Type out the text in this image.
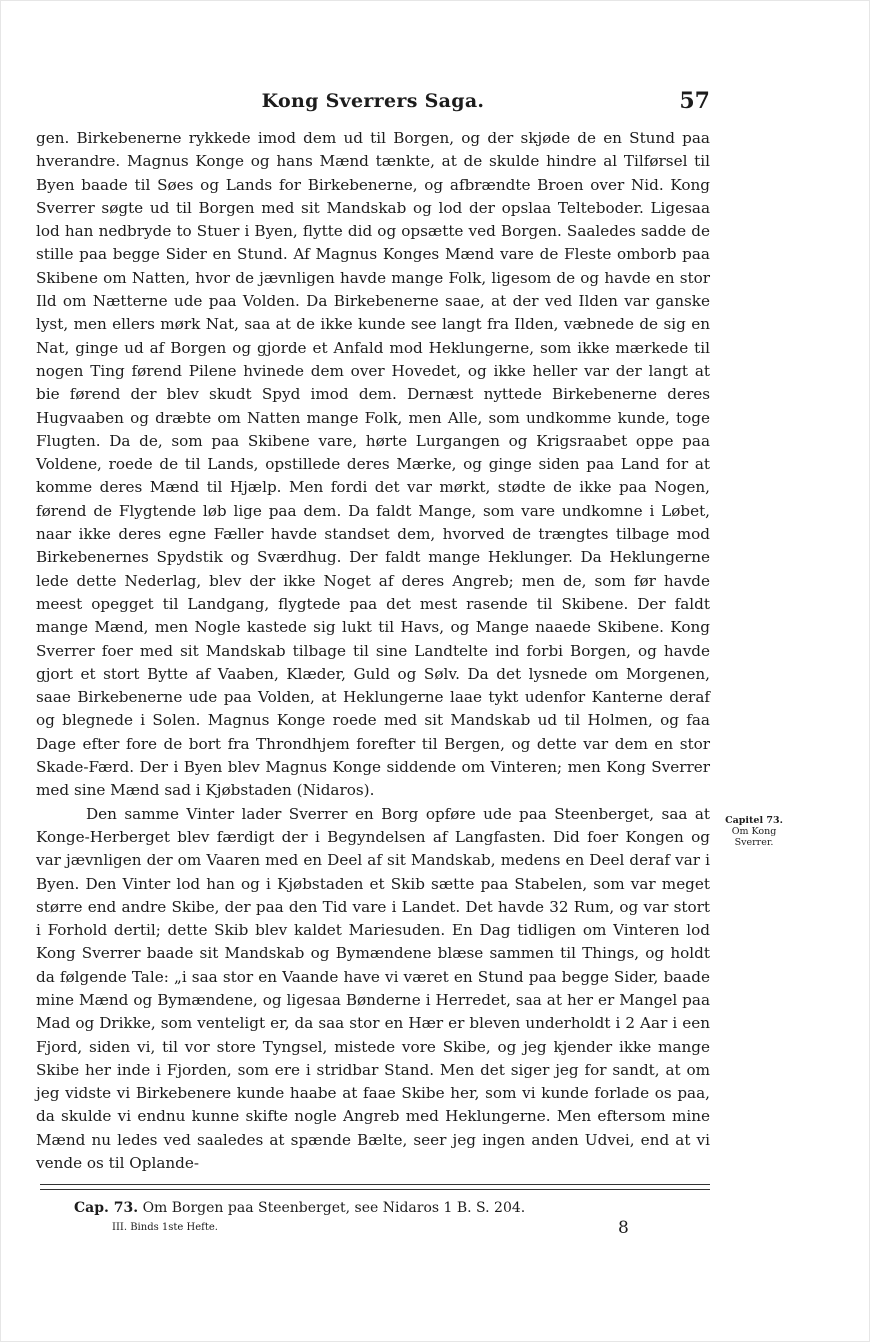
Kong Sverrers Saga.	57

gen. Birkebenerne rykkede imod dem ud til Borgen, og der skjøde de en Stund paa hverandre. Magnus Konge og hans Mænd tænkte, at de skulde hindre al Tilførsel til Byen baade til Søes og Lands for Birkebenerne, og afbrændte Broen over Nid. Kong Sverrer søgte ud til Borgen med sit Mandskab og lod der opslaa Telteboder. Ligesaa lod han nedbryde to Stuer i Byen, flytte did og opsætte ved Borgen. Saaledes sadde de stille paa begge Sider en Stund. Af Magnus Konges Mænd vare de Fleste omborb paa Skibene om Natten, hvor de jævnligen havde mange Folk, ligesom de og havde en stor Ild om Nætterne ude paa Volden. Da Birkebenerne saae, at der ved Ilden var ganske lyst, men ellers mørk Nat, saa at de ikke kunde see langt fra Ilden, væbnede de sig en Nat, ginge ud af Borgen og gjorde et Anfald mod Heklungerne, som ikke mærkede til nogen Ting førend Pilene hvinede dem over Hovedet, og ikke heller var der langt at bie førend der blev skudt Spyd imod dem. Dernæst nyttede Birkebenerne deres Hugvaaben og dræbte om Natten mange Folk, men Alle, som undkomme kunde, toge Flugten. Da de, som paa Skibene vare, hørte Lurgangen og Krigsraabet oppe paa Voldene, roede de til Lands, opstillede deres Mærke, og ginge siden paa Land for at komme deres Mænd til Hjælp. Men fordi det var mørkt, stødte de ikke paa Nogen, førend de Flygtende løb lige paa dem. Da faldt Mange, som vare undkomne i Løbet, naar ikke deres egne Fæller havde standset dem, hvorved de trængtes tilbage mod Birkebenernes Spydstik og Sværdhug. Der faldt mange Heklunger. Da Heklungerne lede dette Nederlag, blev der ikke Noget af deres Angreb; men de, som før havde meest opegget til Landgang, flygtede paa det mest rasende til Skibene. Der faldt mange Mænd, men Nogle kastede sig lukt til Havs, og Mange naaede Skibene. Kong Sverrer foer med sit Mandskab tilbage til sine Landtelte ind forbi Borgen, og havde gjort et stort Bytte af Vaaben, Klæder, Guld og Sølv. Da det lysnede om Morgenen, saae Birkebenerne ude paa Volden, at Heklungerne laae tykt udenfor Kanterne deraf og blegnede i Solen. Magnus Konge roede med sit Mandskab ud til Holmen, og faa Dage efter fore de bort fra Throndhjem forefter til Bergen, og dette var dem en stor Skade-Færd. Der i Byen blev Magnus Konge siddende om Vinteren; men Kong Sverrer med sine Mænd sad i Kjøbstaden (Nidaros).

Den samme Vinter lader Sverrer en Borg opføre ude paa Steenberget, saa at Konge-Herberget blev færdigt der i Begyndelsen af Langfasten. Did foer Kongen og var jævnligen der om Vaaren med en Deel af sit Mandskab, medens en Deel deraf var i Byen. Den Vinter lod han og i Kjøbstaden et Skib sætte paa Stabelen, som var meget større end andre Skibe, der paa den Tid vare i Landet. Det havde 32 Rum, og var stort i Forhold dertil; dette Skib blev kaldet Mariesuden. En Dag tidligen om Vinteren lod Kong Sverrer baade sit Mandskab og Bymændene blæse sammen til Things, og holdt da følgende Tale: „i saa stor en Vaande have vi været en Stund paa begge Sider, baade mine Mænd og Bymændene, og ligesaa Bønderne i Herredet, saa at her er Mangel paa Mad og Drikke, som venteligt er, da saa stor en Hær er bleven underholdt i 2 Aar i een Fjord, siden vi, til vor store Tyngsel, mistede vore Skibe, og jeg kjender ikke mange Skibe her inde i Fjorden, som ere i stridbar Stand. Men det siger jeg for sandt, at om jeg vidste vi Birkebenere kunde haabe at faae Skibe her, som vi kunde forlade os paa, da skulde vi endnu kunne skifte nogle Angreb med Heklungerne. Men eftersom mine Mænd nu ledes ved saaledes at spænde Bælte, seer jeg ingen anden Udvei, end at vi vende os til Oplande-

Capitel 73.
Om Kong
Sverrer.
Cap. 73. Om Borgen paa Steenberget, see Nidaros 1 B. S. 204.
III. Binds 1ste Hefte.	8
